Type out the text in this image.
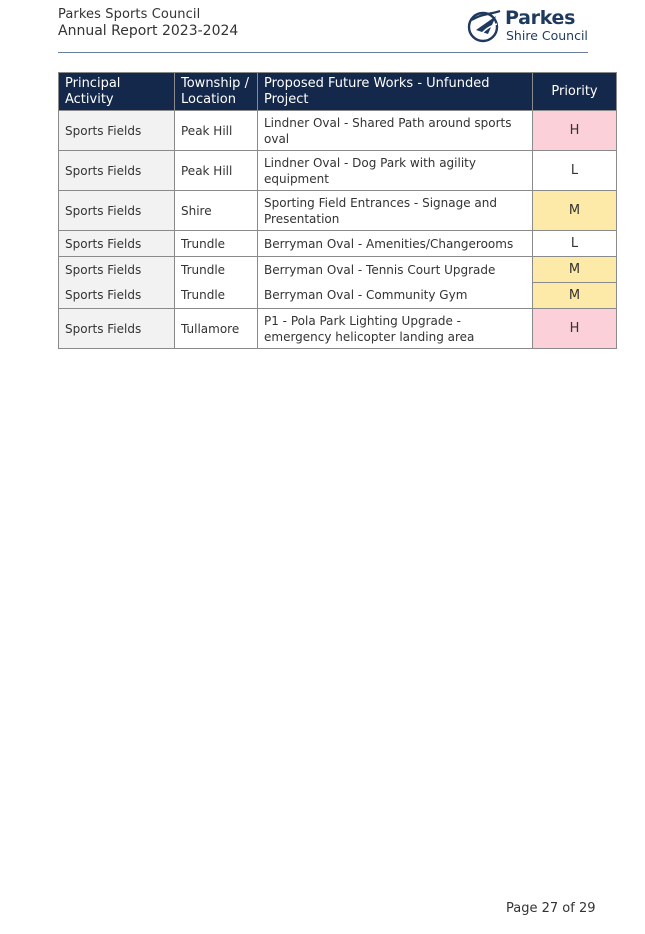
Parkes Sports Council
Annual Report 2023-2024
Parkes
Shire Council
Principal Activity	Township / Location	Proposed Future Works - Unfunded Project	Priority
Sports Fields	Peak Hill	Lindner Oval - Shared Path around sports oval	H
Sports Fields	Peak Hill	Lindner Oval - Dog Park with agility equipment	L
Sports Fields	Shire	Sporting Field Entrances - Signage and Presentation	M
Sports Fields	Trundle	Berryman Oval - Amenities/Changerooms	L
Sports Fields	Trundle	Berryman Oval - Tennis Court Upgrade	M
Sports Fields	Trundle	Berryman Oval - Community Gym	M
Sports Fields	Tullamore	P1 - Pola Park Lighting Upgrade - emergency helicopter landing area	H
Page 27 of 29
